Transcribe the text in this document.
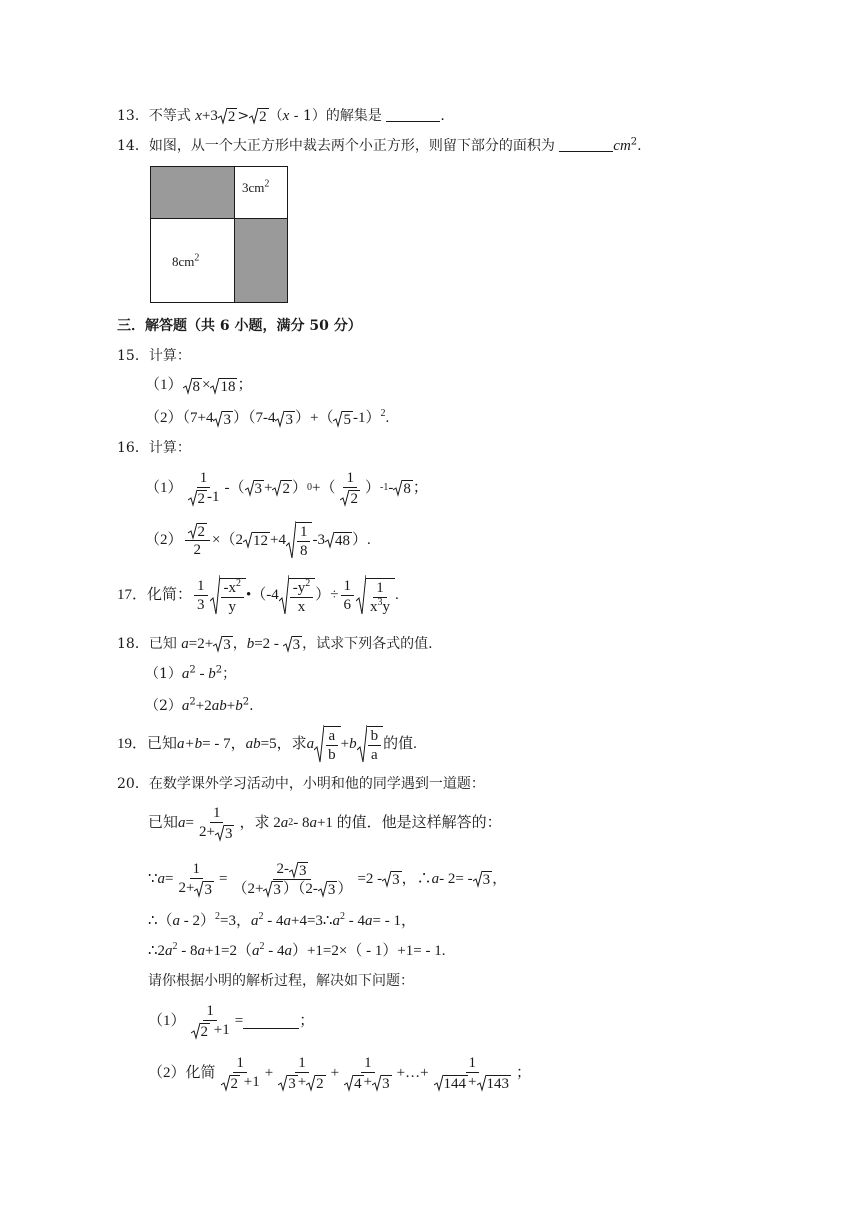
13．不等式 x+3 2 > 2 （x - 1）的解集是	.
14．如图，从一个大正方形中裁去两个小正方形，则留下部分的面积为	$cm^2$.
$3cm^2$
$8cm^2$
三．解答题（共 6 小题，满分 50 分）
15．计算：
（1） 8 × 18 ；
（2）（7+4 3 ）（7-4 3 ）+（ 5 -1）$^2$.
16．计算：
$(1) \frac{1}{2 -1}$ -（ 3 + 2 ） 0 +（ $\frac{1}{2}$ ） -1 - 8 ；
$(2) \frac{2}{2} \times(2$ $12 +4 \frac{1}{8} -3$ 48 ）.
17． 化简： $\frac{1}{3} \frac{-x^2}{y}$ •（-4 $\frac{-y^2}{x}$ ）÷ $\frac{1}{6} \frac{1}{x^3y}$ .
18．已知 a=2+ 3 ，b=2 - 3 ，试求下列各式的值.
$(1)a^2 - b^2$；
$(2)a^2+2ab+b^2$.
19． 已知 a+b = - 7， ab =5，求 a $\frac{a}{b} + b \frac{b}{a}$ 的值.
20．在数学课外学习活动中，小明和他的同学遇到一道题：
已知 $a = \frac{1}{2+ 3}$ ，求 2 a 2 - 8 a +1 的值．他是这样解答的：
∵ $a = \frac{1}{2+ 3} = \frac{2- 3}{(2+ 3 )(2- 3 )} =2 - 3$ ，∴ a - 2= - 3 ，
∴（a - 2）$^2$=3，$a^2$ - $4a+4=3\therefore a^2 - 4a= - 1$，
$\therefore 2a^2 - 8a+1=2(a^2 - 4a)+1=2\times( - 1)+1= - 1$.
请你根据小明的解析过程，解决如下问题：
$(1) \frac{1}{2 +1}$ =	；
（2）化简 $\frac{1}{2 +1} + \frac{1}{3 + 2} + \frac{1}{4 + 3}$ +…+ $\frac{1}{144 + 143}$ ；
